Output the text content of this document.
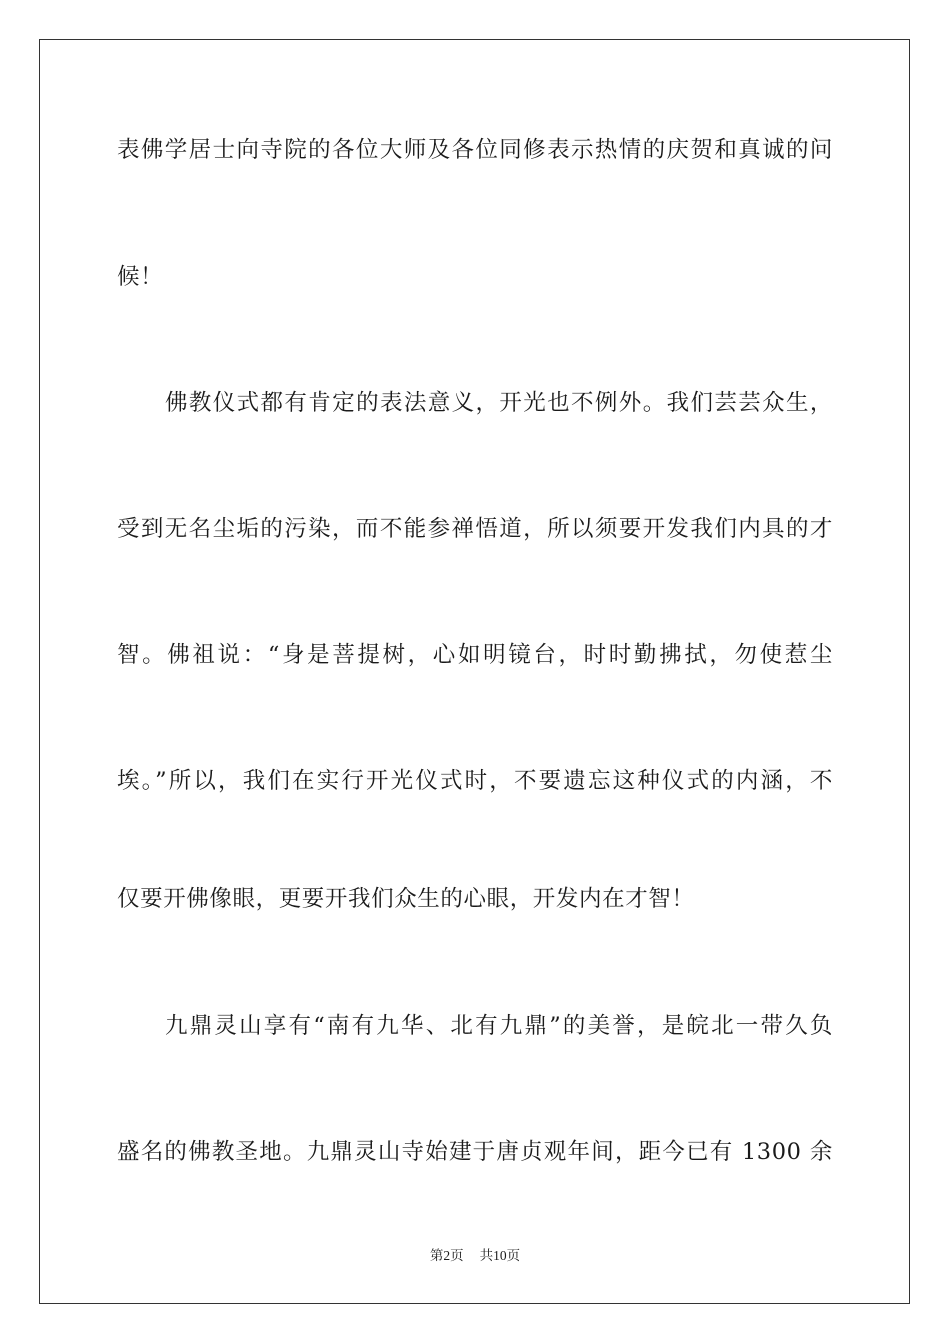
表佛学居士向寺院的各位大师及各位同修表示热情的庆贺和真诚的问
候！
佛教仪式都有肯定的表法意义，开光也不例外。我们芸芸众生，
受到无名尘垢的污染，而不能参禅悟道，所以须要开发我们内具的才
智。佛祖说：“身是菩提树，心如明镜台，时时勤拂拭，勿使惹尘
埃。”所以，我们在实行开光仪式时，不要遗忘这种仪式的内涵，不
仅要开佛像眼，更要开我们众生的心眼，开发内在才智！
九鼎灵山享有“南有九华、北有九鼎”的美誉，是皖北一带久负
盛名的佛教圣地。九鼎灵山寺始建于唐贞观年间，距今已有 1300 余
第2页 共10页
